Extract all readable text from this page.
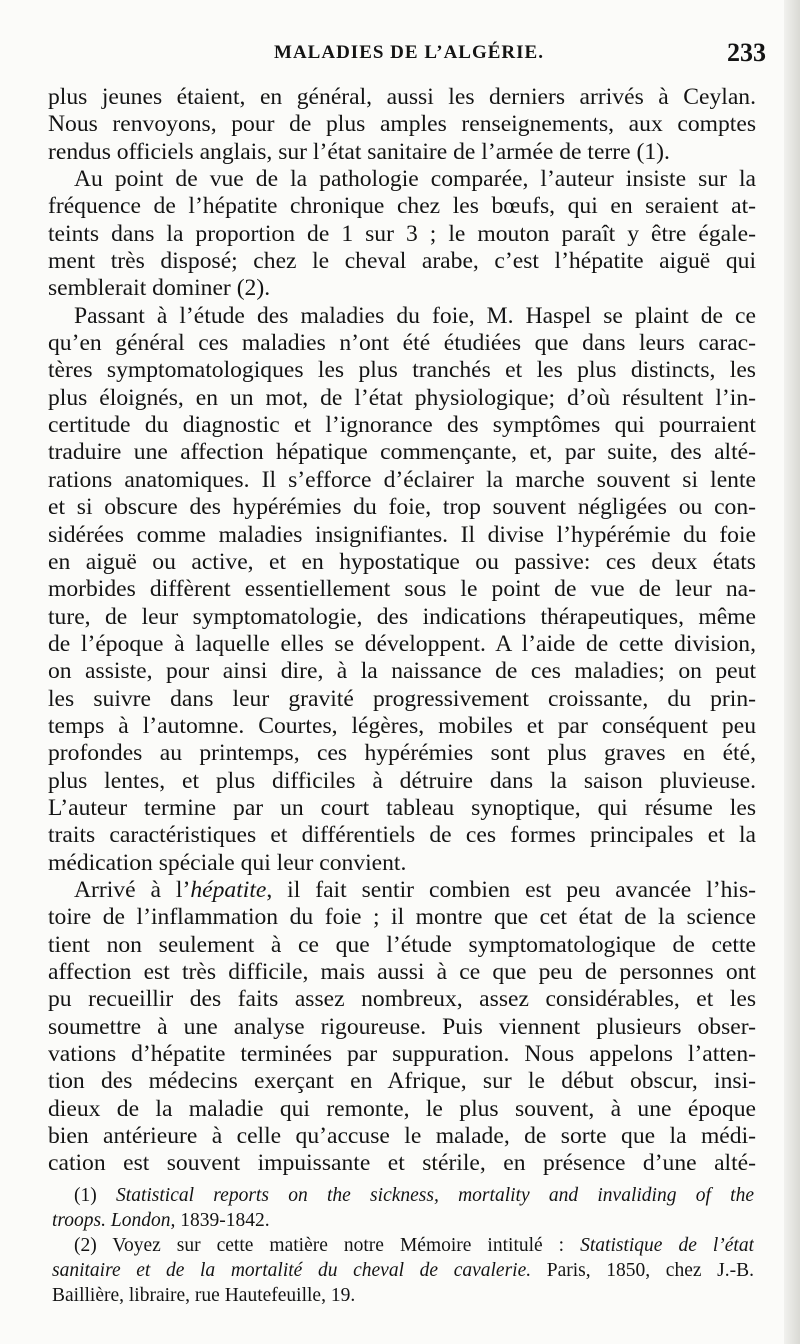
MALADIES DE L’ALGÉRIE.	233
plus jeunes étaient, en général, aussi les derniers arrivés à Ceylan.
Nous renvoyons, pour de plus amples renseignements, aux comptes
rendus officiels anglais, sur l’état sanitaire de l’armée de terre (1).
Au point de vue de la pathologie comparée, l’auteur insiste sur la
fréquence de l’hépatite chronique chez les bœufs, qui en seraient at-
teints dans la proportion de 1 sur 3 ; le mouton paraît y être égale-
ment très disposé; chez le cheval arabe, c’est l’hépatite aiguë qui
semblerait dominer (2).
Passant à l’étude des maladies du foie, M. Haspel se plaint de ce
qu’en général ces maladies n’ont été étudiées que dans leurs carac-
tères symptomatologiques les plus tranchés et les plus distincts, les
plus éloignés, en un mot, de l’état physiologique; d’où résultent l’in-
certitude du diagnostic et l’ignorance des symptômes qui pourraient
traduire une affection hépatique commençante, et, par suite, des alté-
rations anatomiques. Il s’efforce d’éclairer la marche souvent si lente
et si obscure des hypérémies du foie, trop souvent négligées ou con-
sidérées comme maladies insignifiantes. Il divise l’hypérémie du foie
en aiguë ou active, et en hypostatique ou passive: ces deux états
morbides diffèrent essentiellement sous le point de vue de leur na-
ture, de leur symptomatologie, des indications thérapeutiques, même
de l’époque à laquelle elles se développent. A l’aide de cette division,
on assiste, pour ainsi dire, à la naissance de ces maladies; on peut
les suivre dans leur gravité progressivement croissante, du prin-
temps à l’automne. Courtes, légères, mobiles et par conséquent peu
profondes au printemps, ces hypérémies sont plus graves en été,
plus lentes, et plus difficiles à détruire dans la saison pluvieuse.
L’auteur termine par un court tableau synoptique, qui résume les
traits caractéristiques et différentiels de ces formes principales et la
médication spéciale qui leur convient.
Arrivé à l’hépatite, il fait sentir combien est peu avancée l’his-
toire de l’inflammation du foie ; il montre que cet état de la science
tient non seulement à ce que l’étude symptomatologique de cette
affection est très difficile, mais aussi à ce que peu de personnes ont
pu recueillir des faits assez nombreux, assez considérables, et les
soumettre à une analyse rigoureuse. Puis viennent plusieurs obser-
vations d’hépatite terminées par suppuration. Nous appelons l’atten-
tion des médecins exerçant en Afrique, sur le début obscur, insi-
dieux de la maladie qui remonte, le plus souvent, à une époque
bien antérieure à celle qu’accuse le malade, de sorte que la médi-
cation est souvent impuissante et stérile, en présence d’une alté-
(1) Statistical reports on the sickness, mortality and invaliding of the
troops. London, 1839-1842.
(2) Voyez sur cette matière notre Mémoire intitulé : Statistique de l’état
sanitaire et de la mortalité du cheval de cavalerie. Paris, 1850, chez J.-B.
Baillière, libraire, rue Hautefeuille, 19.
